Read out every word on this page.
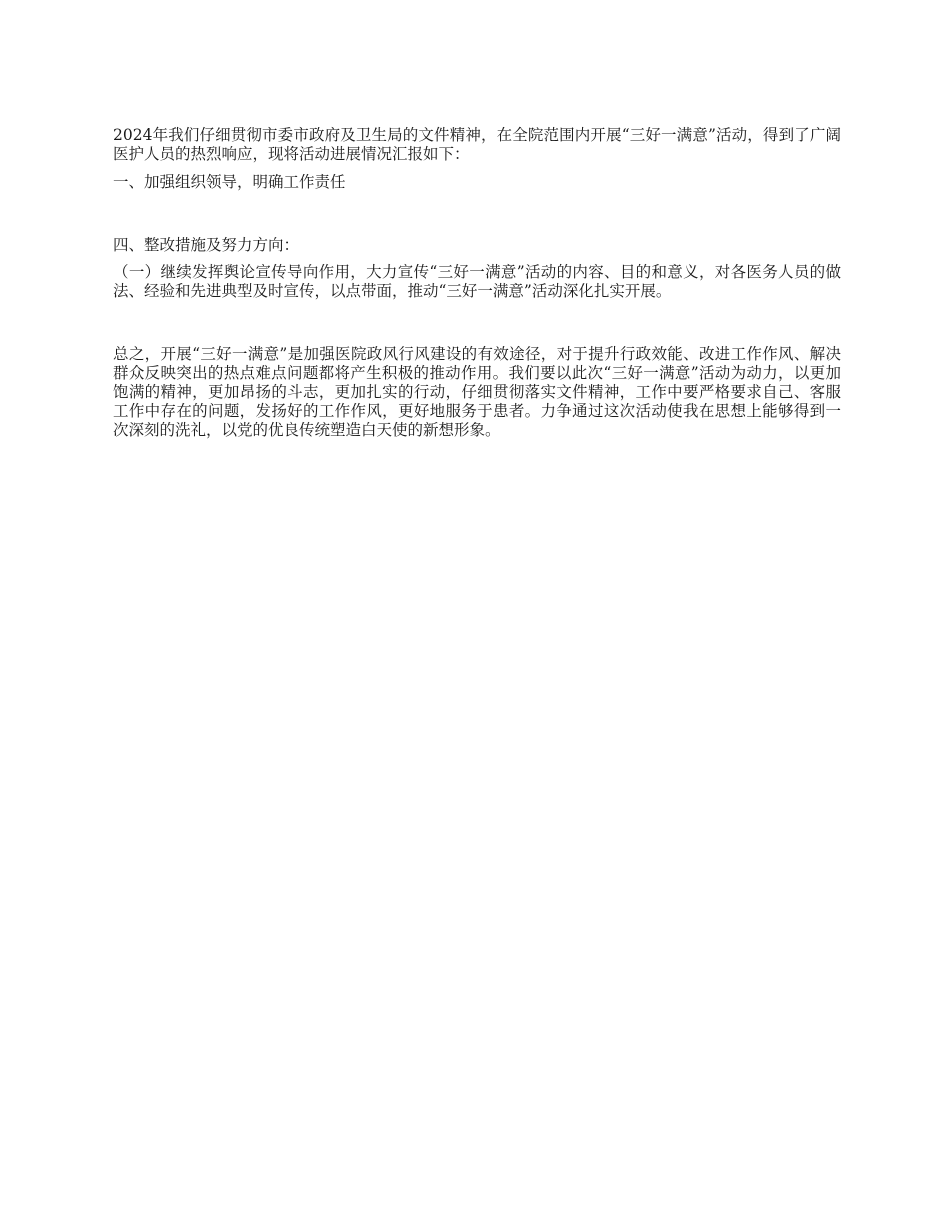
2024年我们仔细贯彻市委市政府及卫生局的文件精神，在全院范围内开展“三好一满意”活动，得到了广阔医护人员的热烈响应，现将活动进展情况汇报如下：

一、加强组织领导，明确工作责任

四、整改措施及努力方向：

（一）继续发挥舆论宣传导向作用，大力宣传“三好一满意”活动的内容、目的和意义，对各医务人员的做法、经验和先进典型及时宣传，以点带面，推动“三好一满意”活动深化扎实开展。

总之，开展“三好一满意”是加强医院政风行风建设的有效途径，对于提升行政效能、改进工作作风、解决群众反映突出的热点难点问题都将产生积极的推动作用。我们要以此次“三好一满意”活动为动力，以更加饱满的精神，更加昂扬的斗志，更加扎实的行动，仔细贯彻落实文件精神，工作中要严格要求自己、客服工作中存在的问题，发扬好的工作作风，更好地服务于患者。力争通过这次活动使我在思想上能够得到一次深刻的洗礼，以党的优良传统塑造白天使的新想形象。
